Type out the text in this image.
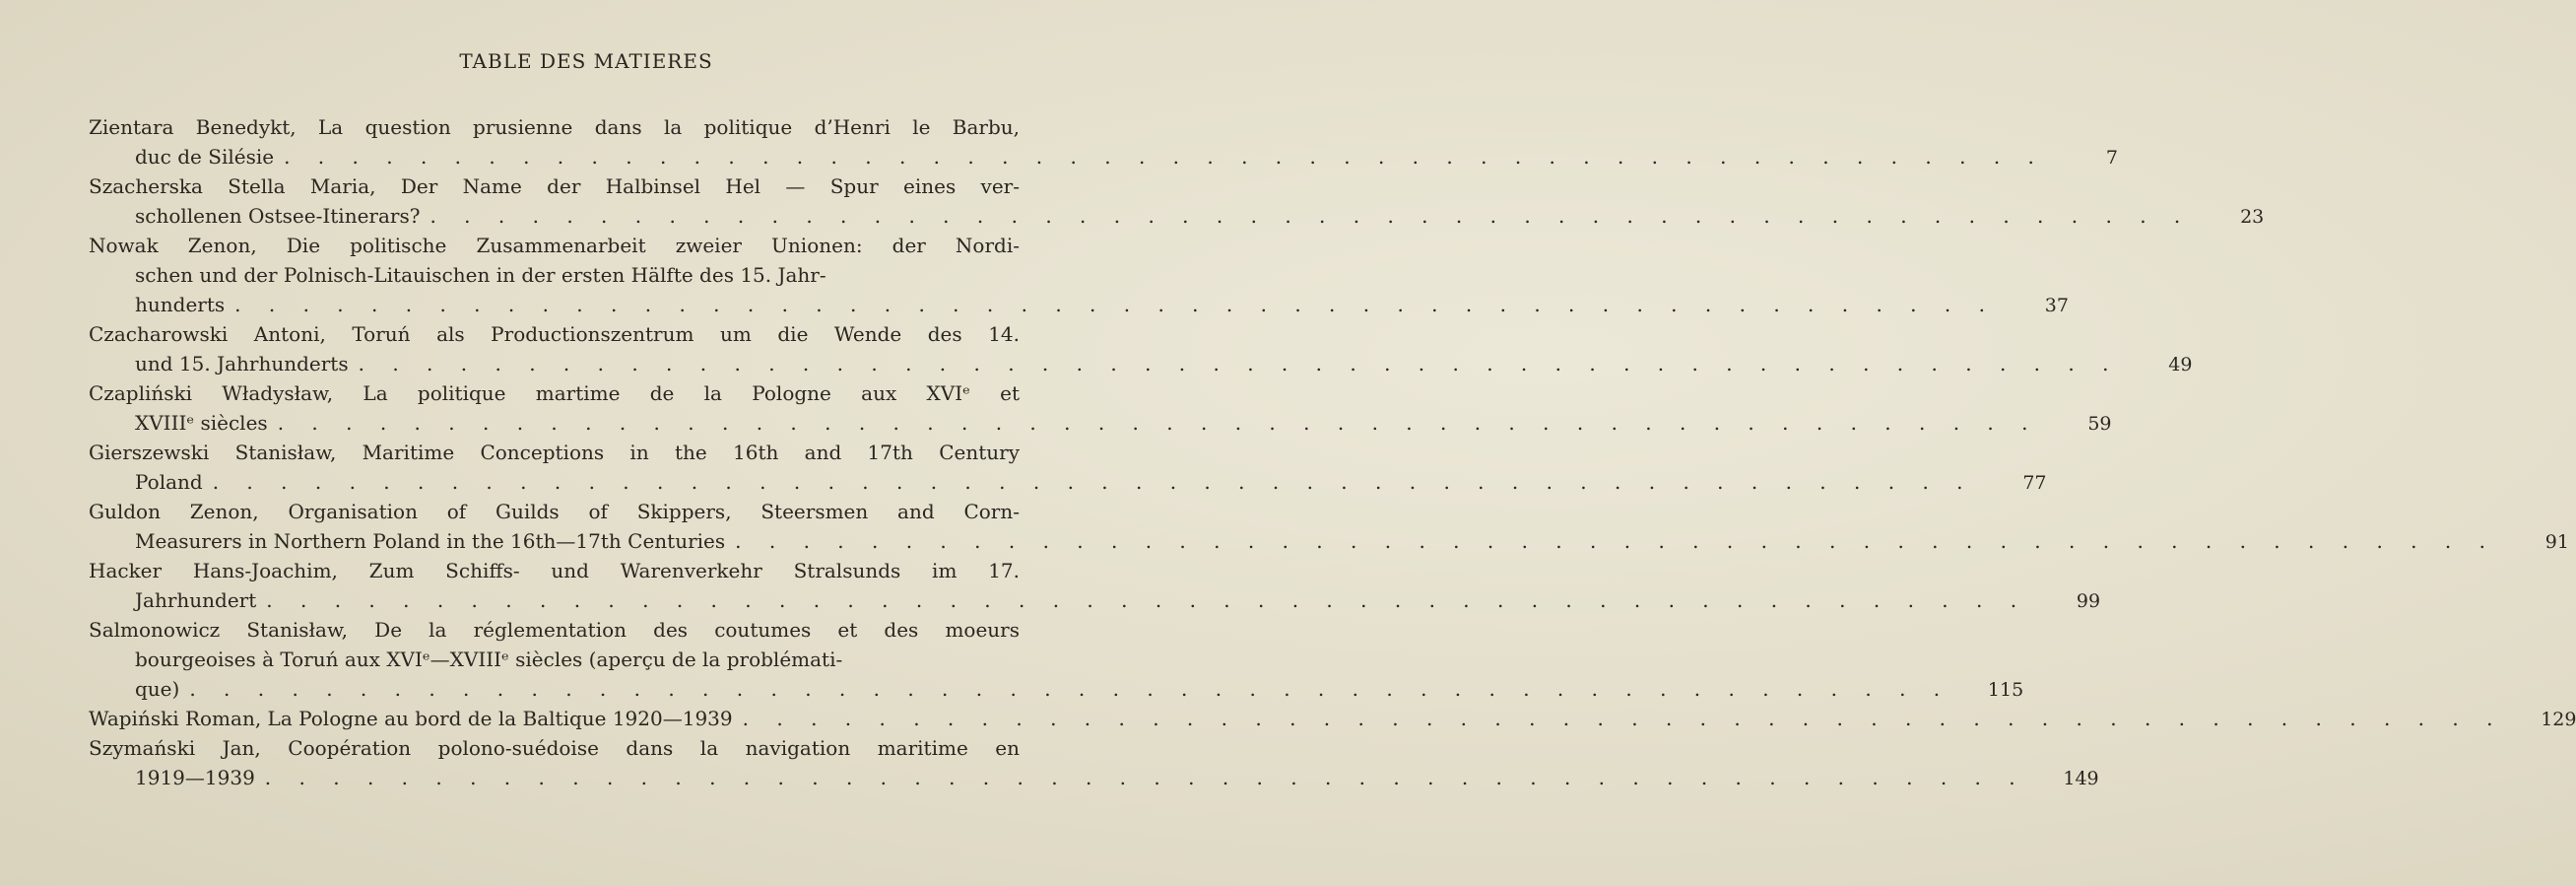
TABLE DES MATIERES
Zientara Benedykt, La question prusienne dans la politique d’Henri le Barbu,
duc de Silésie . . . . . . . . . . . . . . . . . . . . . . . . . . . . . . . . . . . . . . . . . . . . . . . . . . . .	7
Szacherska Stella Maria, Der Name der Halbinsel Hel — Spur eines ver-
schollenen Ostsee-Itinerars? . . . . . . . . . . . . . . . . . . . . . . . . . . . . . . . . . . . . . . . . . . . . . . . . . . . .	23
Nowak Zenon, Die politische Zusammenarbeit zweier Unionen: der Nordi-
schen und der Polnisch-Litauischen in der ersten Hälfte des 15. Jahr-
hunderts . . . . . . . . . . . . . . . . . . . . . . . . . . . . . . . . . . . . . . . . . . . . . . . . . . . .	37
Czacharowski Antoni, Toruń als Productionszentrum um die Wende des 14.
und 15. Jahrhunderts . . . . . . . . . . . . . . . . . . . . . . . . . . . . . . . . . . . . . . . . . . . . . . . . . . . .	49
Czapliński Władysław, La politique martime de la Pologne aux XVIᵉ et
XVIIIᵉ siècles . . . . . . . . . . . . . . . . . . . . . . . . . . . . . . . . . . . . . . . . . . . . . . . . . . . .	59
Gierszewski Stanisław, Maritime Conceptions in the 16th and 17th Century
Poland . . . . . . . . . . . . . . . . . . . . . . . . . . . . . . . . . . . . . . . . . . . . . . . . . . . .	77
Guldon Zenon, Organisation of Guilds of Skippers, Steersmen and Corn-
Measurers in Northern Poland in the 16th—17th Centuries . . . . . . . . . . . . . . . . . . . . . . . . . . . . . . . . . . . . . . . . . . . . . . . . . . . .	91
Hacker Hans-Joachim, Zum Schiffs- und Warenverkehr Stralsunds im 17.
Jahrhundert . . . . . . . . . . . . . . . . . . . . . . . . . . . . . . . . . . . . . . . . . . . . . . . . . . . .	99
Salmonowicz Stanisław, De la réglementation des coutumes et des moeurs
bourgeoises à Toruń aux XVIᵉ—XVIIIᵉ siècles (aperçu de la problémati-
que) . . . . . . . . . . . . . . . . . . . . . . . . . . . . . . . . . . . . . . . . . . . . . . . . . . . .	115
Wapiński Roman, La Pologne au bord de la Baltique 1920—1939 . . . . . . . . . . . . . . . . . . . . . . . . . . . . . . . . . . . . . . . . . . . . . . . . . . . .	129
Szymański Jan, Coopération polono-suédoise dans la navigation maritime en
1919—1939 . . . . . . . . . . . . . . . . . . . . . . . . . . . . . . . . . . . . . . . . . . . . . . . . . . . .	149
